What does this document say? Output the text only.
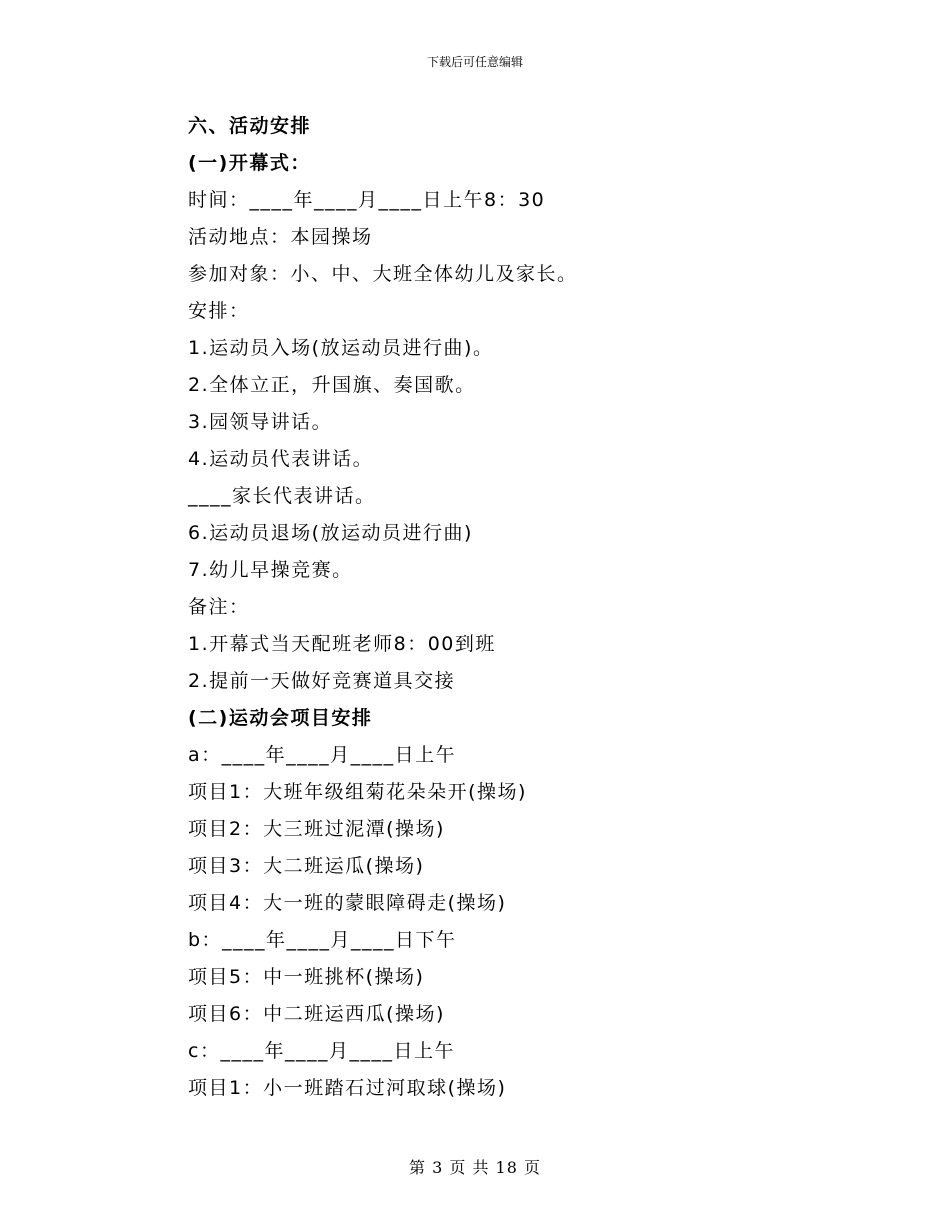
下载后可任意编辑
六、活动安排
(一)开幕式：
时间：____年____月____日上午8：30
活动地点：本园操场
参加对象：小、中、大班全体幼儿及家长。
安排：
1.运动员入场(放运动员进行曲)。
2.全体立正，升国旗、奏国歌。
3.园领导讲话。
4.运动员代表讲话。
____家长代表讲话。
6.运动员退场(放运动员进行曲)
7.幼儿早操竞赛。
备注：
1.开幕式当天配班老师8：00到班
2.提前一天做好竞赛道具交接
(二)运动会项目安排
a：____年____月____日上午
项目1：大班年级组菊花朵朵开(操场)
项目2：大三班过泥潭(操场)
项目3：大二班运瓜(操场)
项目4：大一班的蒙眼障碍走(操场)
b：____年____月____日下午
项目5：中一班挑杯(操场)
项目6：中二班运西瓜(操场)
c：____年____月____日上午
项目1：小一班踏石过河取球(操场)
第 3 页 共 18 页
